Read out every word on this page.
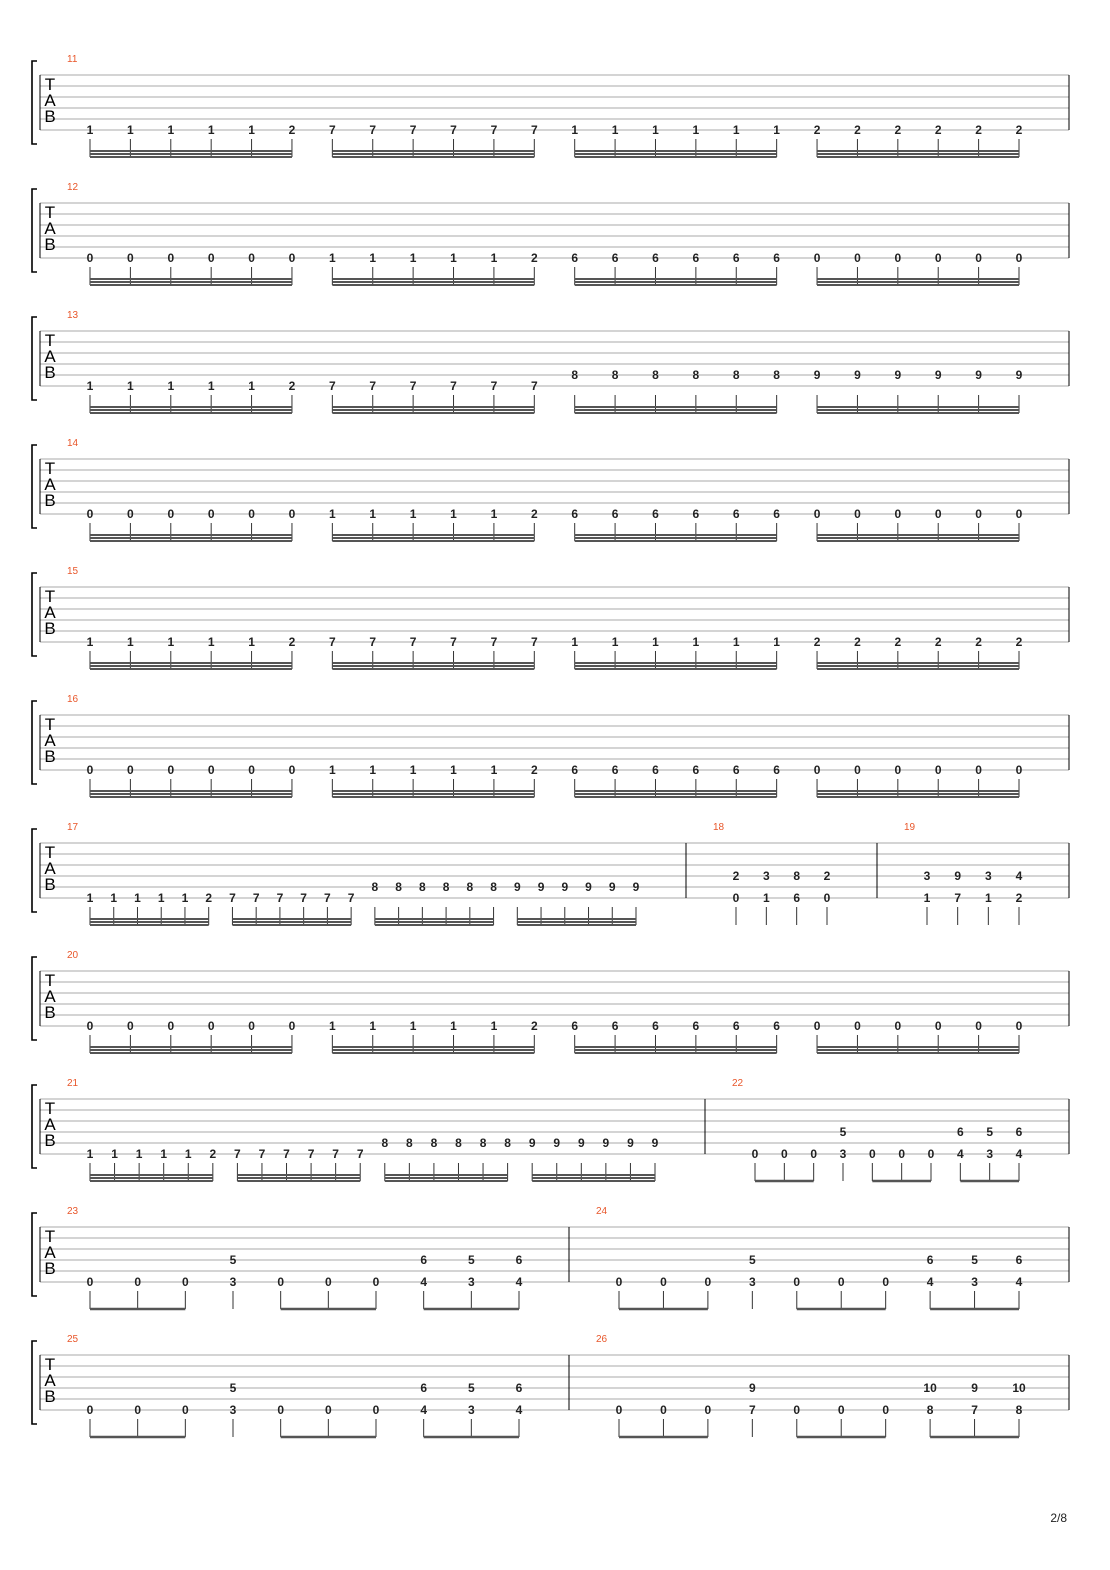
T
A
B
11
1	1	1	1	1	2	7	7	7	7	7	7	1	1	1	1	1	1	2	2	2	2	2	2
T
A
B
12
0	0	0	0	0	0	1	1	1	1	1	2	6	6	6	6	6	6	0	0	0	0	0	0
T
A
B
13
1	1	1	1	1	2	7	7	7	7	7	7
8	8	8	8	8	8	9	9	9	9	9	9
T
A
B
14
0	0	0	0	0	0	1	1	1	1	1	2	6	6	6	6	6	6	0	0	0	0	0	0
T
A
B
15
1	1	1	1	1	2	7	7	7	7	7	7	1	1	1	1	1	1	2	2	2	2	2	2
T
A
B
16
0	0	0	0	0	0	1	1	1	1	1	2	6	6	6	6	6	6	0	0	0	0	0	0
T
A
B
17
1 1 1 1 1 2 7 7 7 7 7 7
8 8 8 8 8 8 9 9 9 9 9 9
18
2
0
3
1
8
6
2
0
19
3
1
9
7
3
1
4
2
T
A
B
20
0	0	0	0	0	0	1	1	1	1	1	2	6	6	6	6	6	6	0	0	0	0	0	0
T
A
B
21
1 1 1 1 1 2 7 7 7 7 7 7
8 8 8 8 8 8 9 9 9 9 9 9
22
0 0 0
5
3 0 0 0
6
4
5
3
6
4
T
A
B
23
0	0	0
5
3	0	0	0
6
4
5
3
6
4
24
0	0	0
5
3	0	0	0
6
4
5
3
6
4
T
A
B
25
0	0	0
5
3	0	0	0
6
4
5
3
6
4
26
0	0	0
9
7	0	0	0
10
8
9
7
10
8
2/8
